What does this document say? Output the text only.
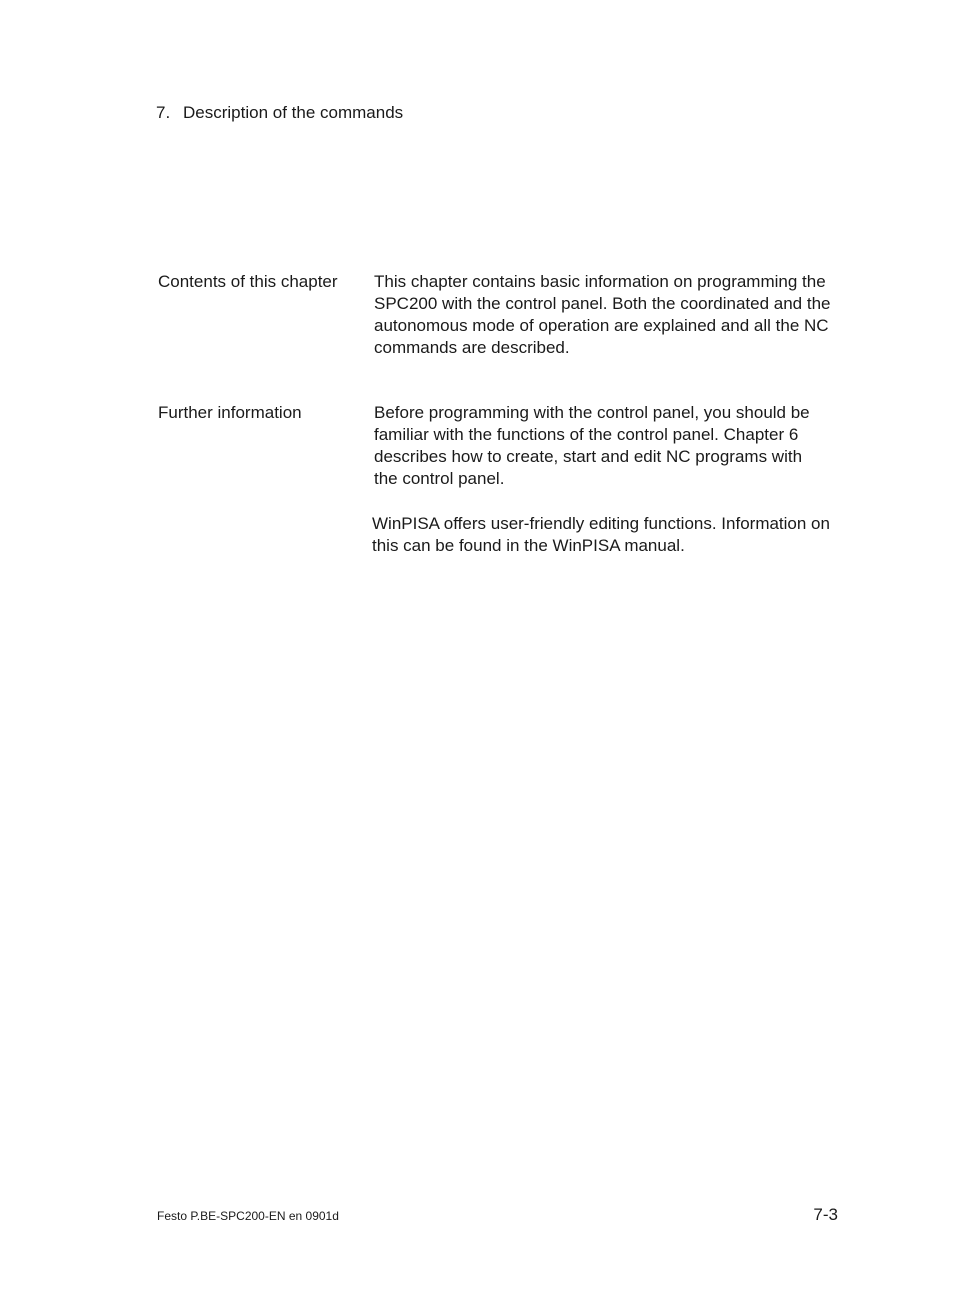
7. Description of the commands
Contents of this chapter	This chapter contains basic information on programming the
SPC200 with the control panel. Both the coordinated and the
autonomous mode of operation are explained and all the NC
commands are described.

Further information	Before programming with the control panel, you should be
familiar with the functions of the control panel. Chapter 6
describes how to create, start and edit NC programs with
the control panel.

WinPISA offers user-friendly editing functions. Information on
this can be found in the WinPISA manual.

Festo P.BE-SPC200-EN en 0901d	7-3
